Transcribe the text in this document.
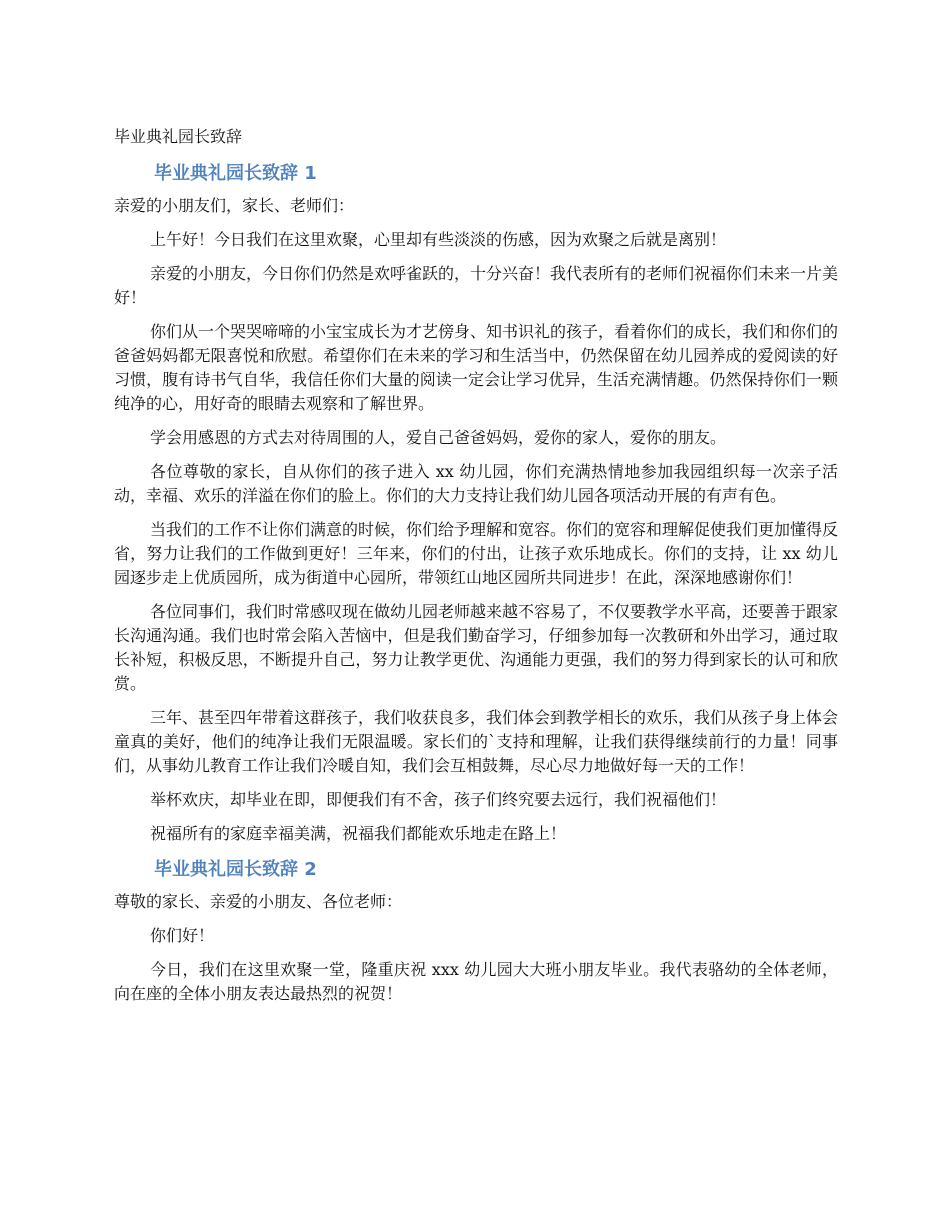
毕业典礼园长致辞
毕业典礼园长致辞 1

亲爱的小朋友们，家长、老师们：

上午好！今日我们在这里欢聚，心里却有些淡淡的伤感，因为欢聚之后就是离别！

亲爱的小朋友，今日你们仍然是欢呼雀跃的，十分兴奋！我代表所有的老师们祝福你们未来一片美好！

你们从一个哭哭啼啼的小宝宝成长为才艺傍身、知书识礼的孩子，看着你们的成长，我们和你们的爸爸妈妈都无限喜悦和欣慰。希望你们在未来的学习和生活当中，仍然保留在幼儿园养成的爱阅读的好习惯，腹有诗书气自华，我信任你们大量的阅读一定会让学习优异，生活充满情趣。仍然保持你们一颗纯净的心，用好奇的眼睛去观察和了解世界。

学会用感恩的方式去对待周围的人，爱自己爸爸妈妈，爱你的家人，爱你的朋友。

各位尊敬的家长，自从你们的孩子进入 xx 幼儿园，你们充满热情地参加我园组织每一次亲子活动，幸福、欢乐的洋溢在你们的脸上。你们的大力支持让我们幼儿园各项活动开展的有声有色。

当我们的工作不让你们满意的时候，你们给予理解和宽容。你们的宽容和理解促使我们更加懂得反省，努力让我们的工作做到更好！三年来，你们的付出，让孩子欢乐地成长。你们的支持，让 xx 幼儿园逐步走上优质园所，成为街道中心园所，带领红山地区园所共同进步！在此，深深地感谢你们！

各位同事们，我们时常感叹现在做幼儿园老师越来越不容易了，不仅要教学水平高，还要善于跟家长沟通沟通。我们也时常会陷入苦恼中，但是我们勤奋学习，仔细参加每一次教研和外出学习，通过取长补短，积极反思，不断提升自己，努力让教学更优、沟通能力更强，我们的努力得到家长的认可和欣赏。

三年、甚至四年带着这群孩子，我们收获良多，我们体会到教学相长的欢乐，我们从孩子身上体会童真的美好，他们的纯净让我们无限温暖。家长们的`支持和理解，让我们获得继续前行的力量！同事们，从事幼儿教育工作让我们冷暖自知，我们会互相鼓舞，尽心尽力地做好每一天的工作！

举杯欢庆，却毕业在即，即便我们有不舍，孩子们终究要去远行，我们祝福他们！

祝福所有的家庭幸福美满，祝福我们都能欢乐地走在路上！

毕业典礼园长致辞 2

尊敬的家长、亲爱的小朋友、各位老师：

你们好！

今日，我们在这里欢聚一堂，隆重庆祝 xxx 幼儿园大大班小朋友毕业。我代表骆幼的全体老师，向在座的全体小朋友表达最热烈的祝贺！
